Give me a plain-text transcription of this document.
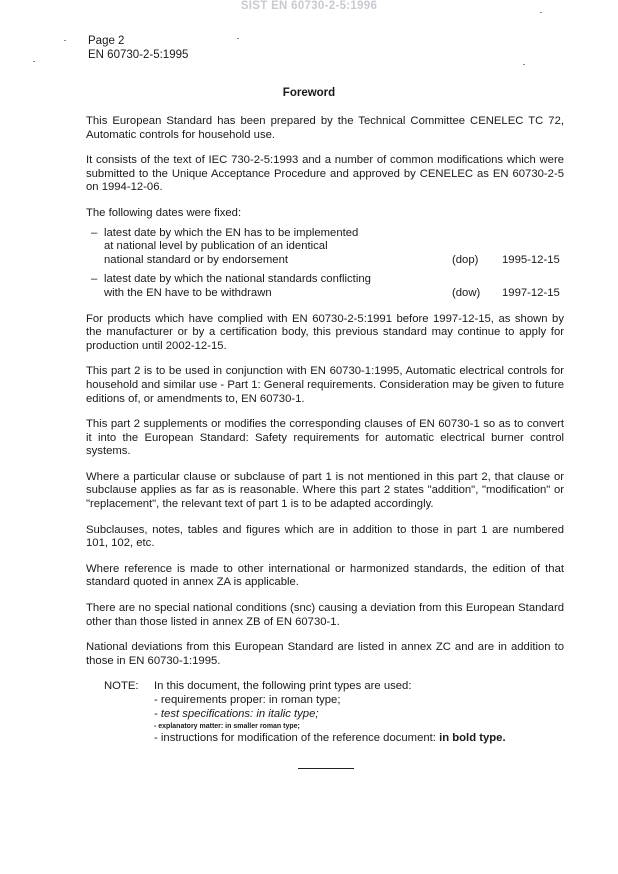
SIST EN 60730-2-5:1996
Page 2
EN 60730-2-5:1995
Foreword

This European Standard has been prepared by the Technical Committee CENELEC TC 72, Automatic controls for household use.

It consists of the text of IEC 730-2-5:1993 and a number of common modifications which were submitted to the Unique Acceptance Procedure and approved by CENELEC as EN 60730-2-5 on 1994-12-06.

The following dates were fixed:

– latest date by which the EN has to be implemented
at national level by publication of an identical
national standard or by endorsement	(dop) 1995-12-15
– latest date by which the national standards conflicting
with the EN have to be withdrawn	(dow) 1997-12-15

For products which have complied with EN 60730-2-5:1991 before 1997-12-15, as shown by the manufacturer or by a certification body, this previous standard may continue to apply for production until 2002-12-15.

This part 2 is to be used in conjunction with EN 60730-1:1995, Automatic electrical controls for household and similar use - Part 1: General requirements. Consideration may be given to future editions of, or amendments to, EN 60730-1.

This part 2 supplements or modifies the corresponding clauses of EN 60730-1 so as to convert it into the European Standard: Safety requirements for automatic electrical burner control systems.

Where a particular clause or subclause of part 1 is not mentioned in this part 2, that clause or subclause applies as far as is reasonable. Where this part 2 states "addition", "modification" or "replacement", the relevant text of part 1 is to be adapted accordingly.

Subclauses, notes, tables and figures which are in addition to those in part 1 are numbered 101, 102, etc.

Where reference is made to other international or harmonized standards, the edition of that standard quoted in annex ZA is applicable.

There are no special national conditions (snc) causing a deviation from this European Standard other than those listed in annex ZB of EN 60730-1.

National deviations from this European Standard are listed in annex ZC and are in addition to those in EN 60730-1:1995.

NOTE: In this document, the following print types are used:
- requirements proper: in roman type;
- test specifications: in italic type;
- explanatory matter: in smaller roman type;
- instructions for modification of the reference document: in bold type.
